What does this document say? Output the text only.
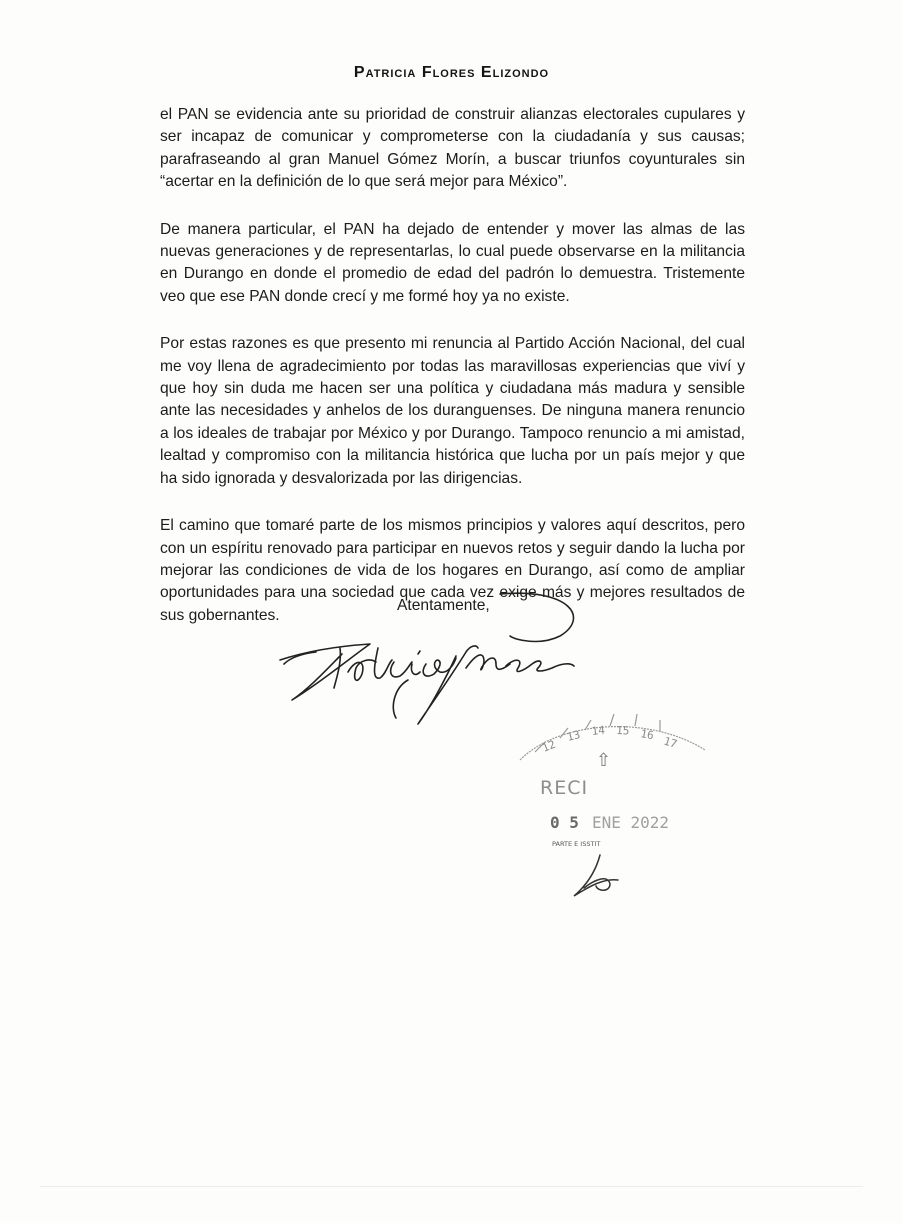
Patricia Flores Elizondo

el PAN se evidencia ante su prioridad de construir alianzas electorales cupulares y ser incapaz de comunicar y comprometerse con la ciudadanía y sus causas; parafraseando al gran Manuel Gómez Morín, a buscar triunfos coyunturales sin “acertar en la definición de lo que será mejor para México”.

De manera particular, el PAN ha dejado de entender y mover las almas de las nuevas generaciones y de representarlas, lo cual puede observarse en la militancia en Durango en donde el promedio de edad del padrón lo demuestra. Tristemente veo que ese PAN donde crecí y me formé hoy ya no existe.

Por estas razones es que presento mi renuncia al Partido Acción Nacional, del cual me voy llena de agradecimiento por todas las maravillosas experiencias que viví y que hoy sin duda me hacen ser una política y ciudadana más madura y sensible ante las necesidades y anhelos de los duranguenses. De ninguna manera renuncio a los ideales de trabajar por México y por Durango. Tampoco renuncio a mi amistad, lealtad y compromiso con la militancia histórica que lucha por un país mejor y que ha sido ignorada y desvalorizada por las dirigencias.

El camino que tomaré parte de los mismos principios y valores aquí descritos, pero con un espíritu renovado para participar en nuevos retos y seguir dando la lucha por mejorar las condiciones de vida de los hogares en Durango, así como de ampliar oportunidades para una sociedad que cada vez exige más y mejores resultados de sus gobernantes.

Atentamente,
12
13 14 15 16 17
⇧
RECI
0 5 ENE 2022
PARTE E ISSTIT
